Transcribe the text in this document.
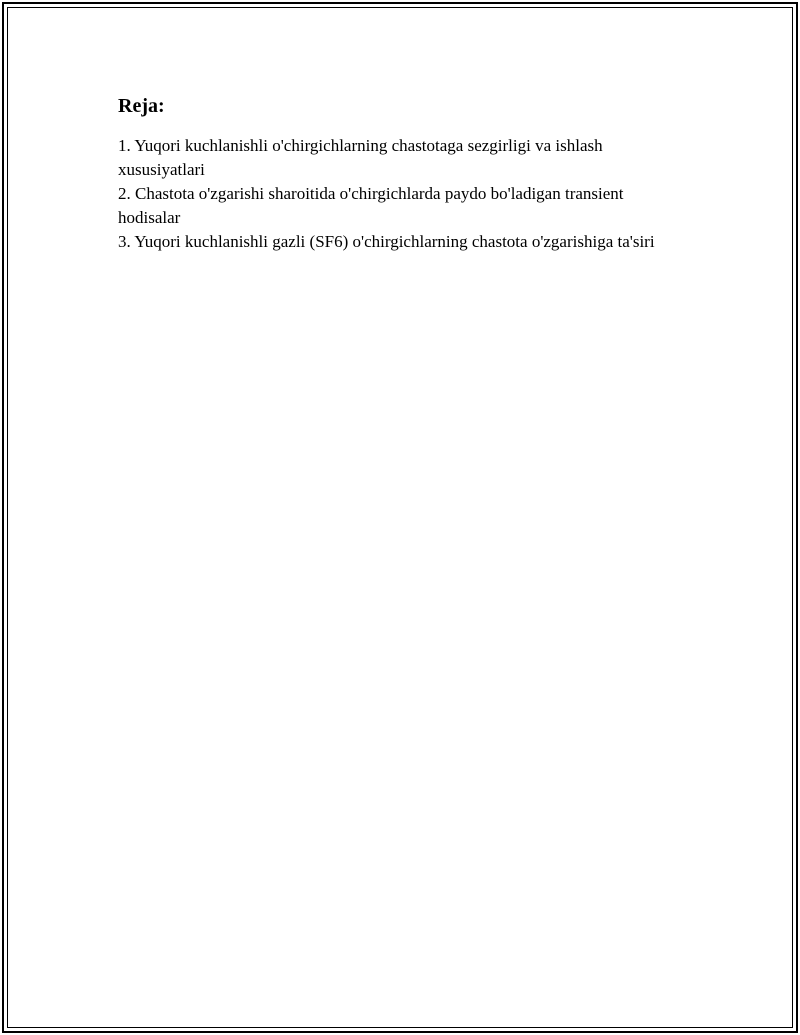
Reja:
1. Yuqori kuchlanishli o'chirgichlarning chastotaga sezgirligi va ishlash xususiyatlari
2. Chastota o'zgarishi sharoitida o'chirgichlarda paydo bo'ladigan transient hodisalar
3. Yuqori kuchlanishli gazli (SF6) o'chirgichlarning chastota o'zgarishiga ta'siri
